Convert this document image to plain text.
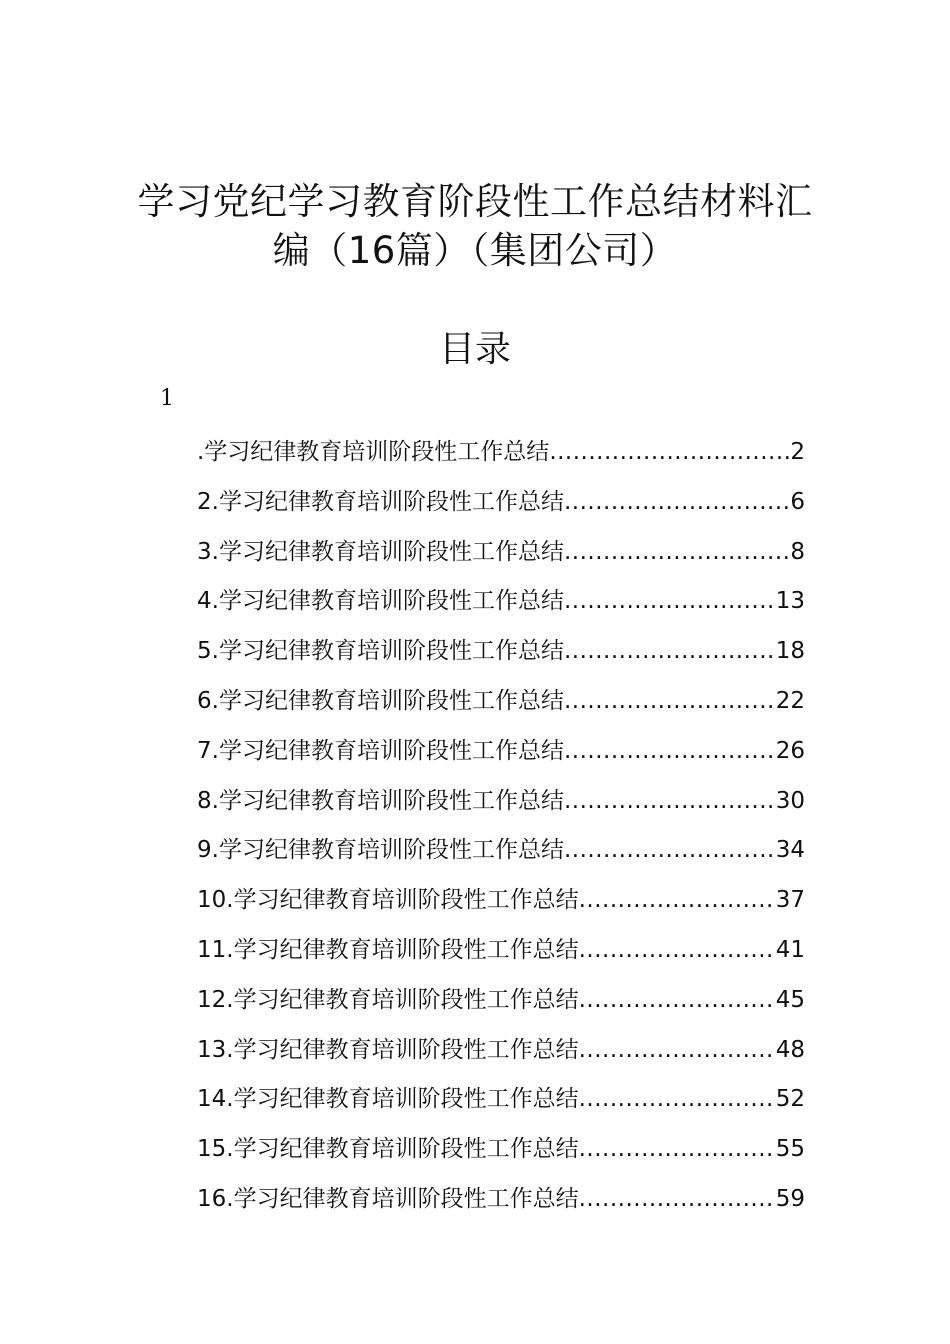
学习党纪学习教育阶段性工作总结材料汇
编（16篇）（集团公司）
目录
1
.学习纪律教育培训阶段性工作总结 .....	2
2.学习纪律教育培训阶段性工作总结 .....	6
3.学习纪律教育培训阶段性工作总结 .....	8
4.学习纪律教育培训阶段性工作总结 .....	13
5.学习纪律教育培训阶段性工作总结 .....	18
6.学习纪律教育培训阶段性工作总结 .....	22
7.学习纪律教育培训阶段性工作总结 .....	26
8.学习纪律教育培训阶段性工作总结 .....	30
9.学习纪律教育培训阶段性工作总结 .....	34
10.学习纪律教育培训阶段性工作总结 .....	37
11.学习纪律教育培训阶段性工作总结 .....	41
12.学习纪律教育培训阶段性工作总结 .....	45
13.学习纪律教育培训阶段性工作总结 .....	48
14.学习纪律教育培训阶段性工作总结 .....	52
15.学习纪律教育培训阶段性工作总结 .....	55
16.学习纪律教育培训阶段性工作总结 .....	59
